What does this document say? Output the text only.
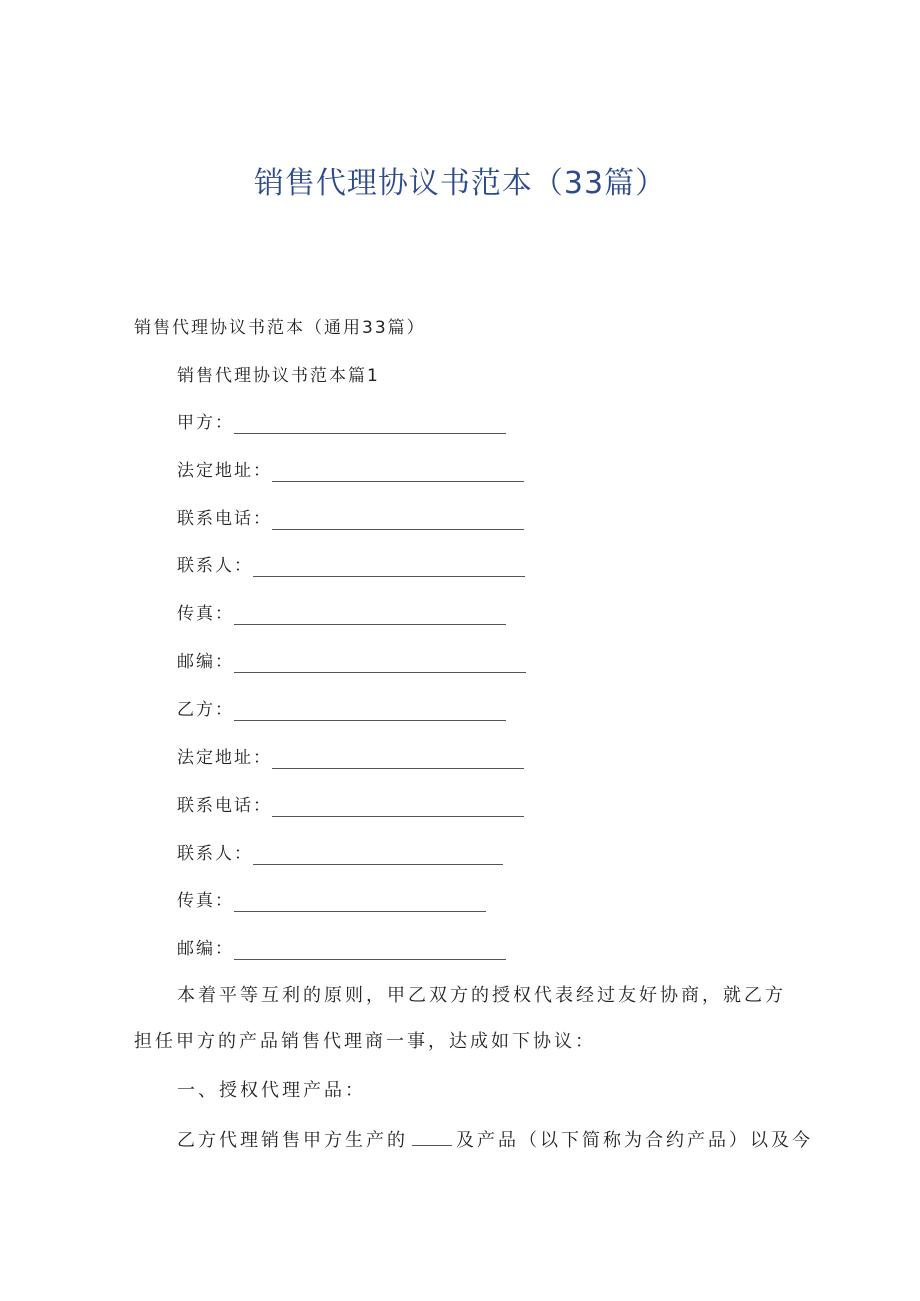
销售代理协议书范本（33篇）
销售代理协议书范本（通用33篇）
销售代理协议书范本篇1
甲方：
法定地址：
联系电话：
联系人：
传真：
邮编：
乙方：
法定地址：
联系电话：
联系人：
传真：
邮编：
本着平等互利的原则，甲乙双方的授权代表经过友好协商，就乙方担任甲方的产品销售代理商一事，达成如下协议：
一、授权代理产品：
乙方代理销售甲方生产的	及产品（以下简称为合约产品）以及今
